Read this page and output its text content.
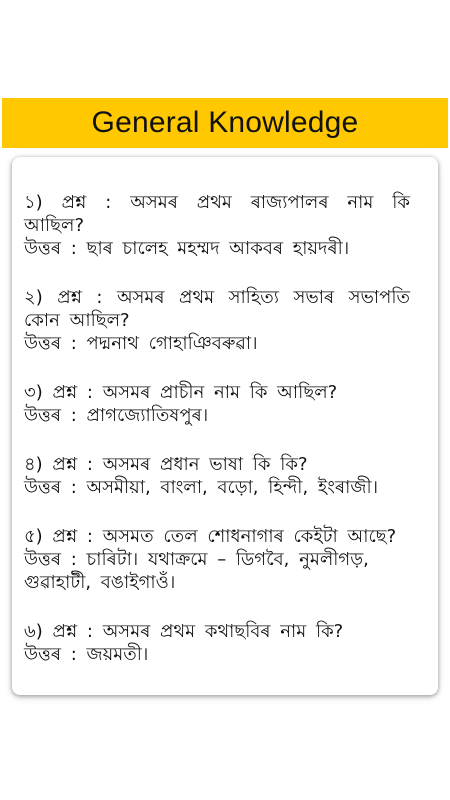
General Knowledge

১) প্ৰশ্ন : অসমৰ প্ৰথম ৰাজ্যপালৰ নাম কি আছিল?

উত্তৰ : ছাৰ চালেহ মহম্মদ আকবৰ হায়দৰী।

২) প্ৰশ্ন : অসমৰ প্ৰথম সাহিত্য সভাৰ সভাপতি কোন আছিল?

উত্তৰ : পদ্মনাথ গোহাঞিবৰুৱা।

৩) প্ৰশ্ন : অসমৰ প্ৰাচীন নাম কি আছিল?

উত্তৰ : প্ৰাগজ্যোতিষপুৰ।

৪) প্ৰশ্ন : অসমৰ প্ৰধান ভাষা কি কি?

উত্তৰ : অসমীয়া, বাংলা, বড়ো, হিন্দী, ইংৰাজী।

৫) প্ৰশ্ন : অসমত তেল শোধনাগাৰ কেইটা আছে?

উত্তৰ : চাৰিটা। যথাক্ৰমে – ডিগবৈ, নুমলীগড়, গুৱাহাটী, বঙাইগাওঁ।

৬) প্ৰশ্ন : অসমৰ প্ৰথম কথাছবিৰ নাম কি?

উত্তৰ : জয়মতী।
